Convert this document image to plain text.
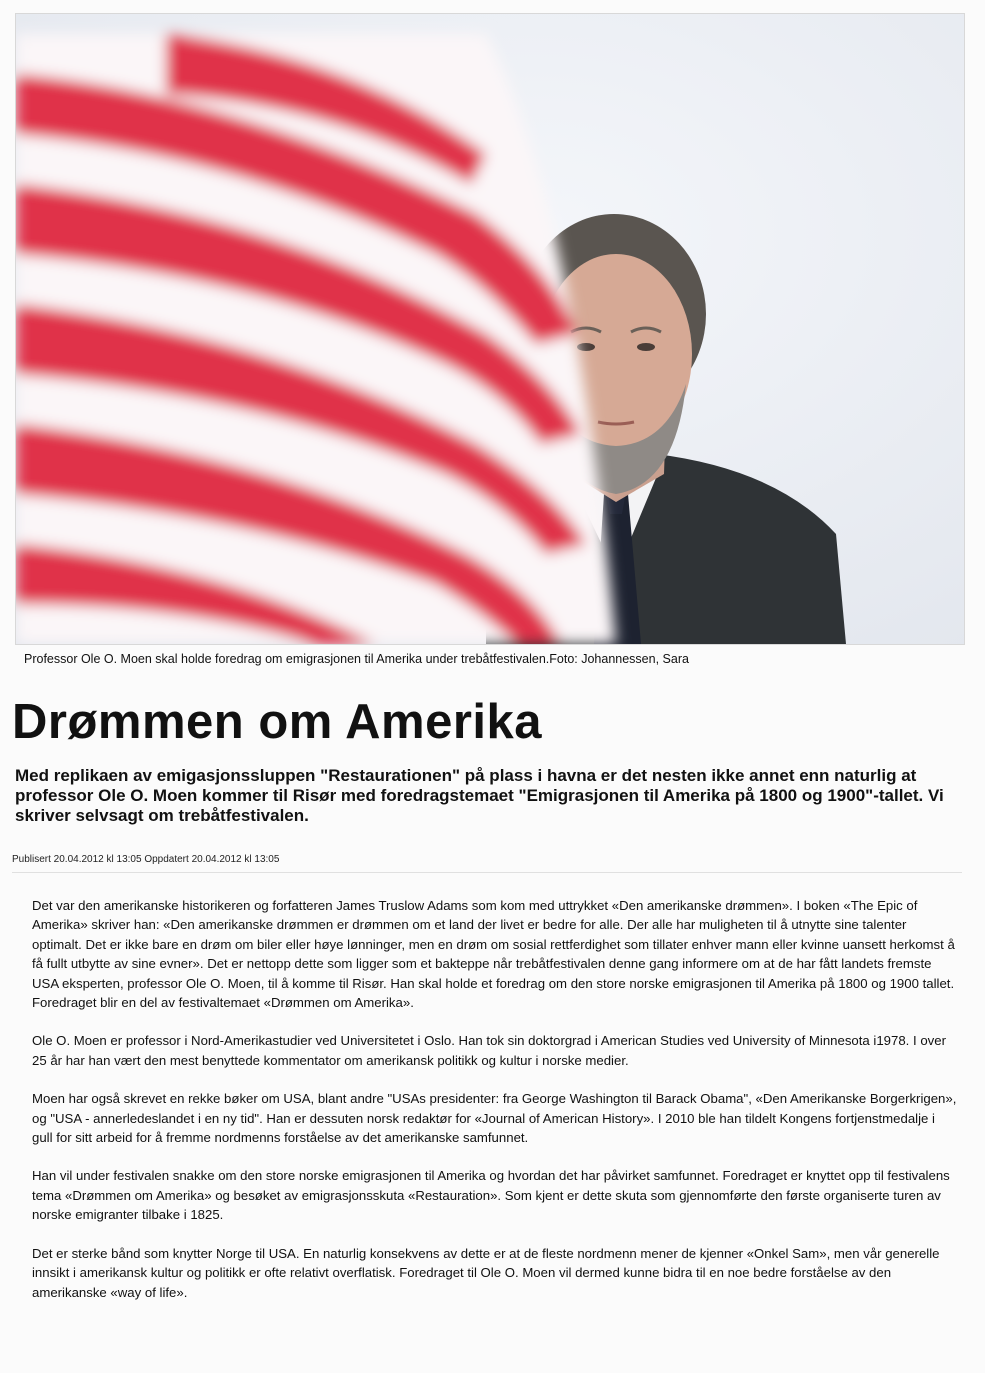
Professor Ole O. Moen skal holde foredrag om emigrasjonen til Amerika under trebåtfestivalen.Foto: Johannessen, Sara
Drømmen om Amerika

Med replikaen av emigasjonssluppen "Restaurationen" på plass i havna er det nesten ikke annet enn naturlig at professor Ole O. Moen kommer til Risør med foredragstemaet "Emigrasjonen til Amerika på 1800 og 1900"-tallet. Vi skriver selvsagt om trebåtfestivalen.

Publisert 20.04.2012 kl 13:05 Oppdatert 20.04.2012 kl 13:05

Det var den amerikanske historikeren og forfatteren James Truslow Adams som kom med uttrykket «Den amerikanske drømmen». I boken «The Epic of Amerika» skriver han: «Den amerikanske drømmen er drømmen om et land der livet er bedre for alle. Der alle har muligheten til å utnytte sine talenter optimalt. Det er ikke bare en drøm om biler eller høye lønninger, men en drøm om sosial rettferdighet som tillater enhver mann eller kvinne uansett herkomst å få fullt utbytte av sine evner». Det er nettopp dette som ligger som et bakteppe når trebåtfestivalen denne gang informere om at de har fått landets fremste USA eksperten, professor Ole O. Moen, til å komme til Risør. Han skal holde et foredrag om den store norske emigrasjonen til Amerika på 1800 og 1900 tallet. Foredraget blir en del av festivaltemaet «Drømmen om Amerika».

Ole O. Moen er professor i Nord-Amerikastudier ved Universitetet i Oslo. Han tok sin doktorgrad i American Studies ved University of Minnesota i1978. I over 25 år har han vært den mest benyttede kommentator om amerikansk politikk og kultur i norske medier.

Moen har også skrevet en rekke bøker om USA, blant andre "USAs presidenter: fra George Washington til Barack Obama", «Den Amerikanske Borgerkrigen», og "USA - annerledeslandet i en ny tid". Han er dessuten norsk redaktør for «Journal of American History». I 2010 ble han tildelt Kongens fortjenstmedalje i gull for sitt arbeid for å fremme nordmenns forståelse av det amerikanske samfunnet.

Han vil under festivalen snakke om den store norske emigrasjonen til Amerika og hvordan det har påvirket samfunnet. Foredraget er knyttet opp til festivalens tema «Drømmen om Amerika» og besøket av emigrasjonsskuta «Restauration». Som kjent er dette skuta som gjennomførte den første organiserte turen av norske emigranter tilbake i 1825.

Det er sterke bånd som knytter Norge til USA. En naturlig konsekvens av dette er at de fleste nordmenn mener de kjenner «Onkel Sam», men vår generelle innsikt i amerikansk kultur og politikk er ofte relativt overflatisk. Foredraget til Ole O. Moen vil dermed kunne bidra til en noe bedre forståelse av den amerikanske «way of life».
